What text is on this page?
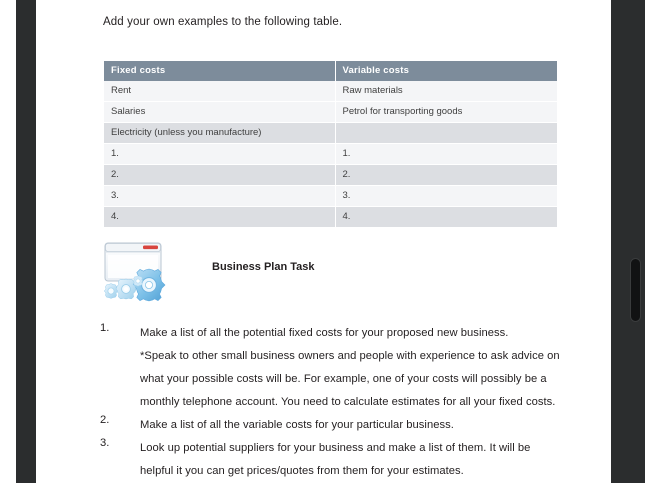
Add your own examples to the following table.
Fixed costs	Variable costs
Rent	Raw materials
Salaries	Petrol for transporting goods
Electricity (unless you manufacture)	
1.	1.
2.	2.
3.	3.
4.	4.
Business Plan Task
1.	Make a list of all the potential fixed costs for your proposed new business.
*Speak to other small business owners and people with experience to ask advice on
what your possible costs will be. For example, one of your costs will possibly be a
monthly telephone account. You need to calculate estimates for all your fixed costs.
2.	Make a list of all the variable costs for your particular business.
3.	Look up potential suppliers for your business and make a list of them. It will be
helpful it you can get prices/quotes from them for your estimates.
